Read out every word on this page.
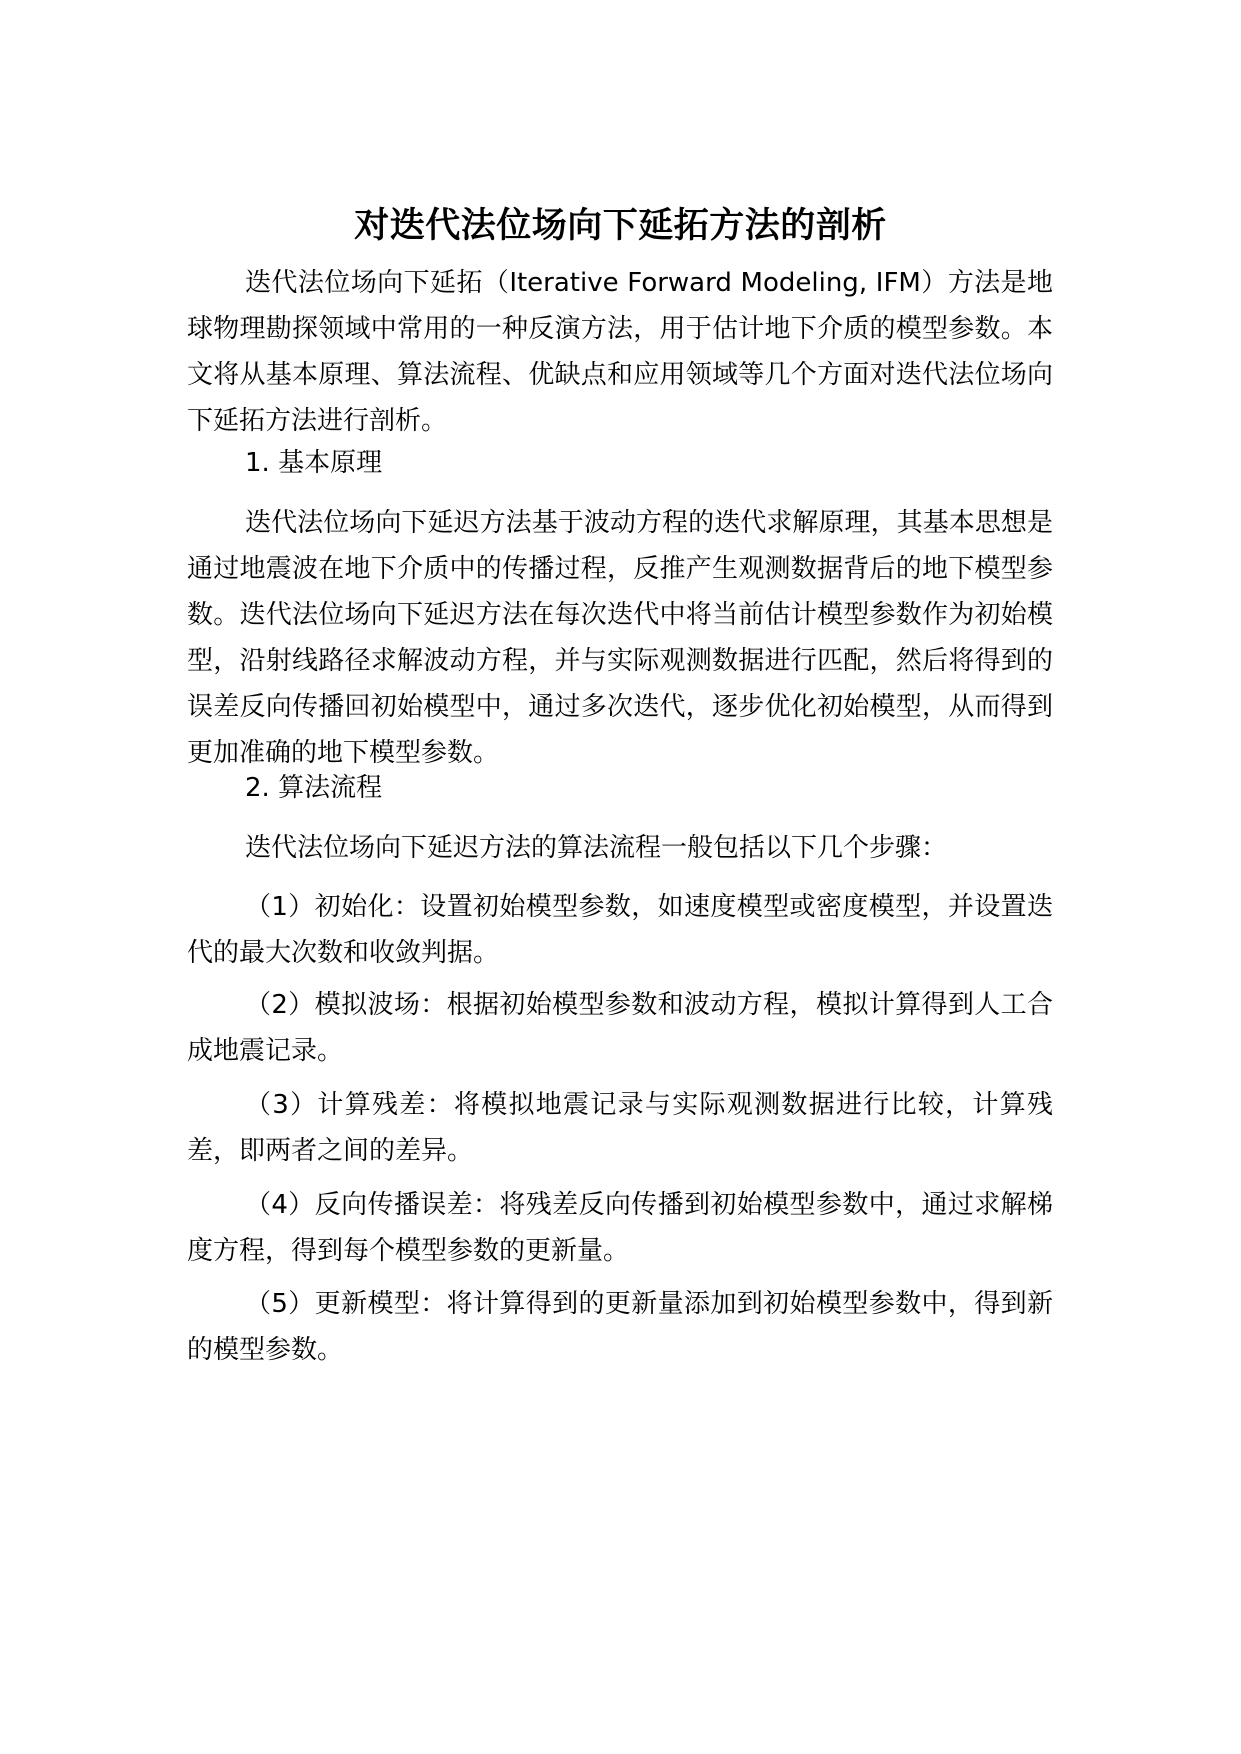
对迭代法位场向下延拓方法的剖析

迭代法位场向下延拓（Iterative Forward Modeling, IFM）方法是地球物理勘探领域中常用的一种反演方法，用于估计地下介质的模型参数。本文将从基本原理、算法流程、优缺点和应用领域等几个方面对迭代法位场向下延拓方法进行剖析。

1. 基本原理

迭代法位场向下延迟方法基于波动方程的迭代求解原理，其基本思想是通过地震波在地下介质中的传播过程，反推产生观测数据背后的地下模型参数。迭代法位场向下延迟方法在每次迭代中将当前估计模型参数作为初始模型，沿射线路径求解波动方程，并与实际观测数据进行匹配，然后将得到的误差反向传播回初始模型中，通过多次迭代，逐步优化初始模型，从而得到更加准确的地下模型参数。

2. 算法流程

迭代法位场向下延迟方法的算法流程一般包括以下几个步骤：

（1）初始化：设置初始模型参数，如速度模型或密度模型，并设置迭代的最大次数和收敛判据。

（2）模拟波场：根据初始模型参数和波动方程，模拟计算得到人工合成地震记录。

（3）计算残差：将模拟地震记录与实际观测数据进行比较，计算残差，即两者之间的差异。

（4）反向传播误差：将残差反向传播到初始模型参数中，通过求解梯度方程，得到每个模型参数的更新量。

（5）更新模型：将计算得到的更新量添加到初始模型参数中，得到新的模型参数。
